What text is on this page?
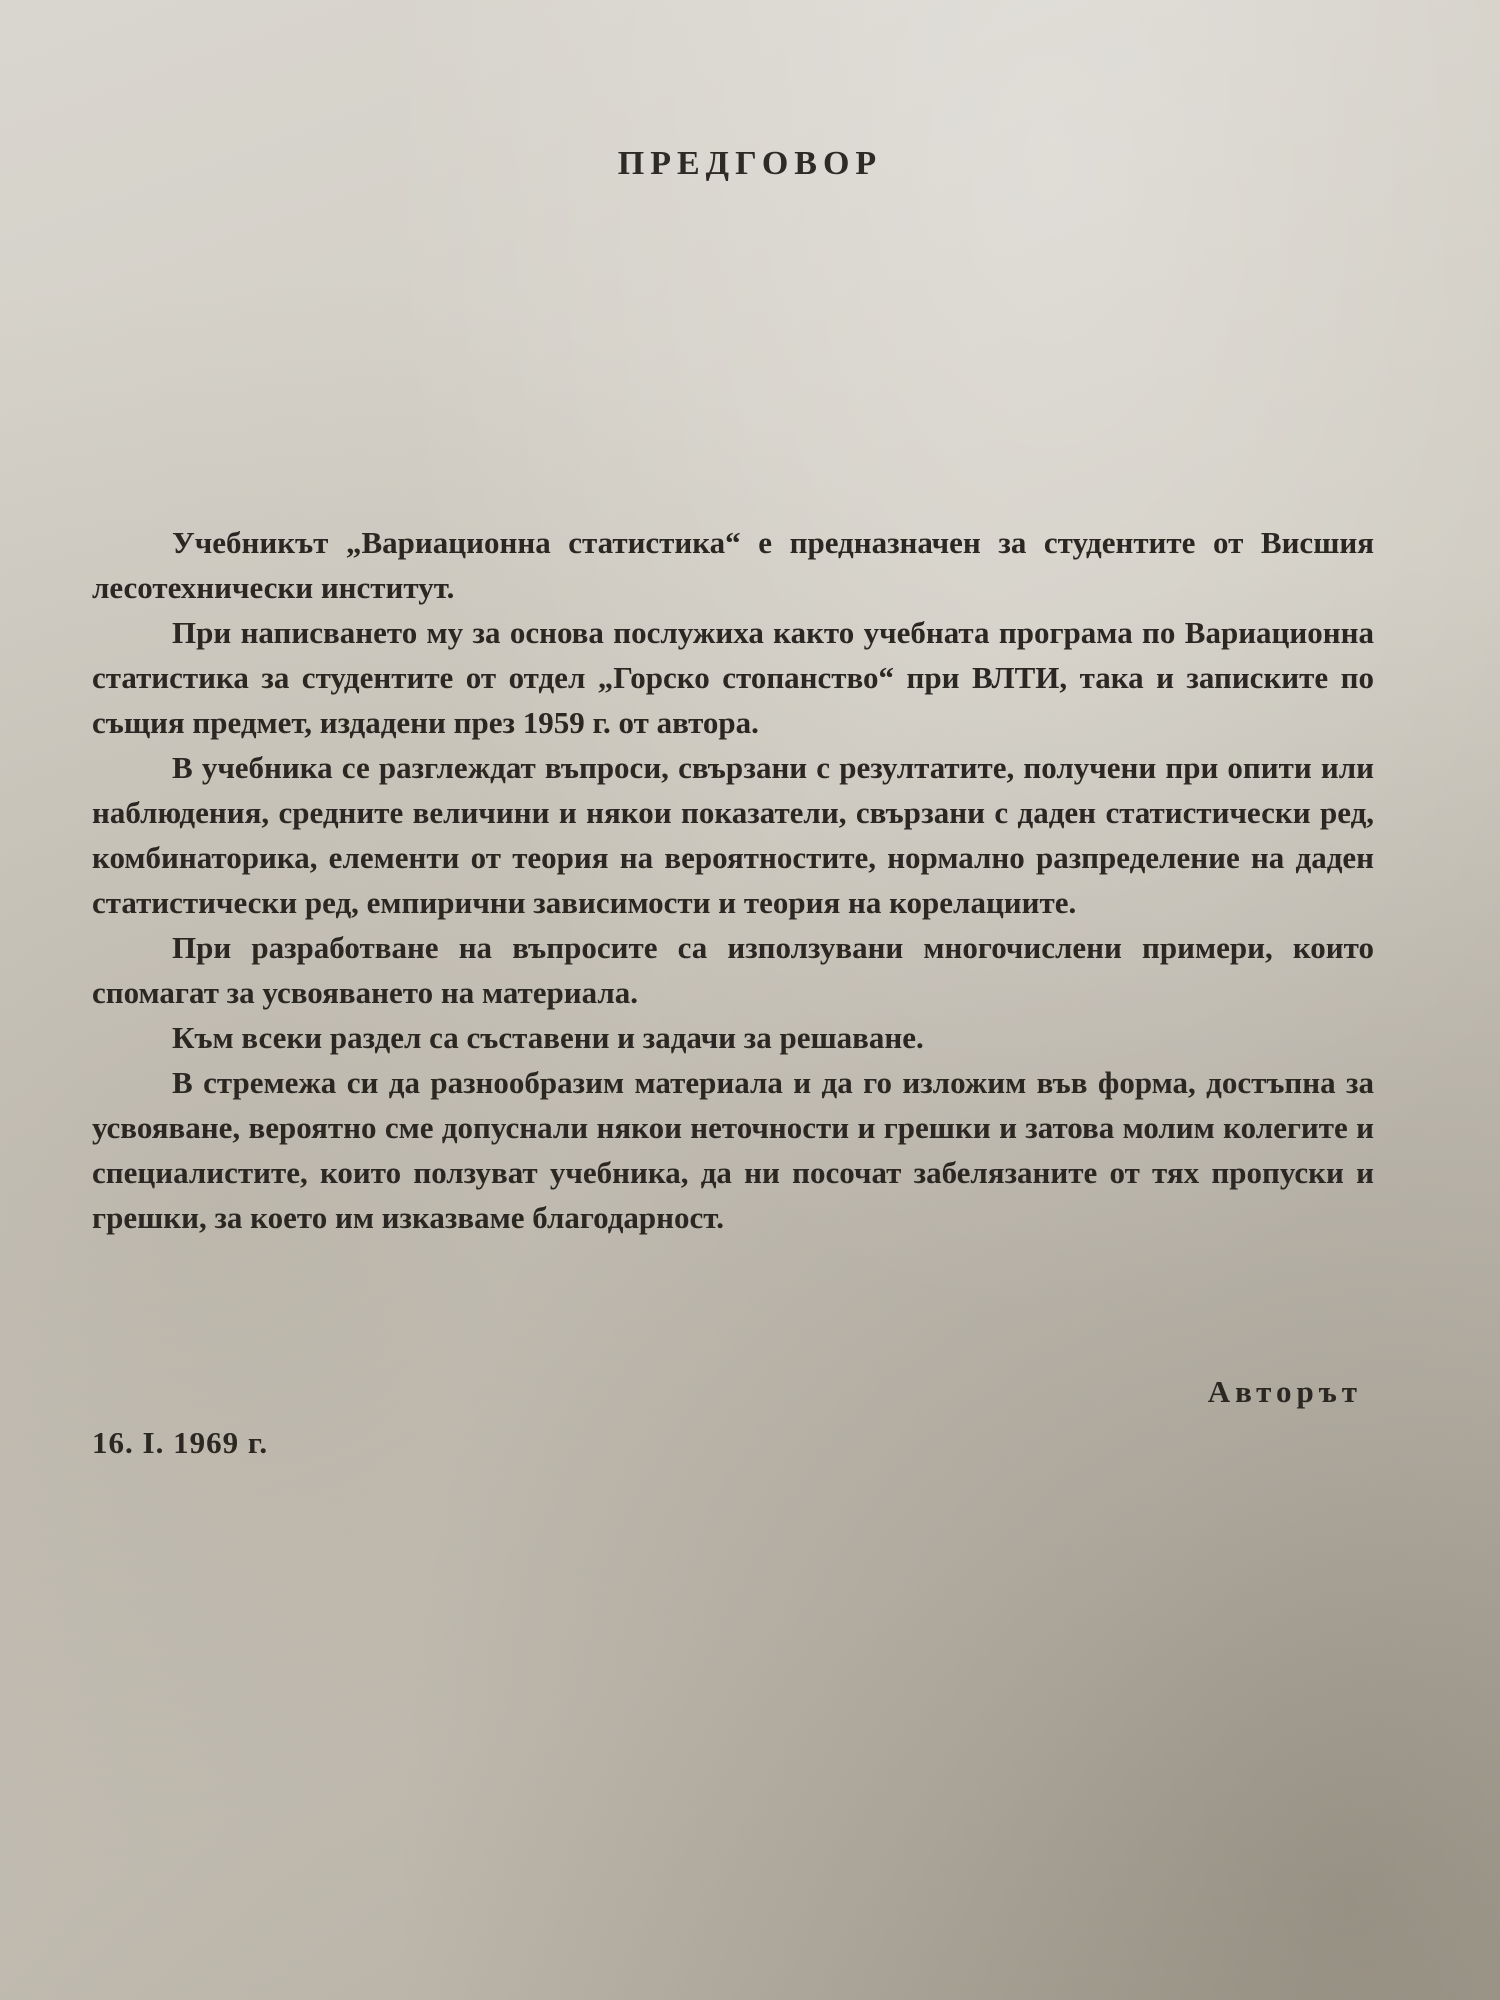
ПРЕДГОВОР

Учебникът „Вариационна статистика“ е предназначен за студентите от Висшия лесотехнически институт.

При написването му за основа послужиха както учебната програма по Вариационна статистика за студентите от отдел „Горско стопанство“ при ВЛТИ, така и записките по същия предмет, издадени през 1959 г. от автора.

В учебника се разглеждат въпроси, свързани с резултатите, получени при опити или наблюдения, средните величини и някои показатели, свързани с даден статистически ред, комбинаторика, елементи от теория на вероятностите, нормално разпределение на даден статистически ред, емпирични зависимости и теория на корелациите.

При разработване на въпросите са използувани многочислени примери, които спомагат за усвояването на материала.

Към всеки раздел са съставени и задачи за решаване.

В стремежа си да разнообразим материала и да го изложим във форма, достъпна за усвояване, вероятно сме допуснали някои неточности и грешки и затова молим колегите и специалистите, които ползуват учебника, да ни посочат забелязаните от тях пропуски и грешки, за което им изказваме благодарност.

Авторът
16. I. 1969 г.
